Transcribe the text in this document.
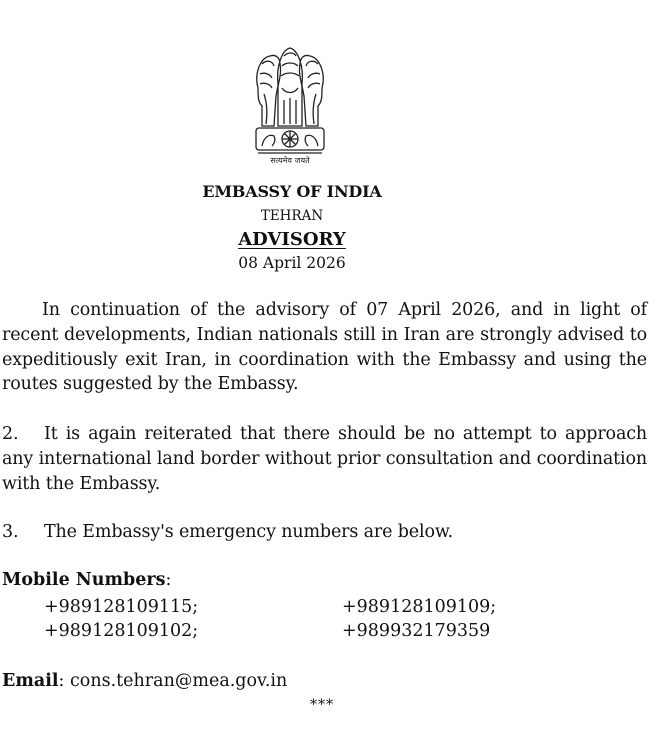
सत्यमेव जयते
EMBASSY OF INDIA
TEHRAN
ADVISORY
08 April 2026
In continuation of the advisory of 07 April 2026, and in light of recent developments, Indian nationals still in Iran are strongly advised to expeditiously exit Iran, in coordination with the Embassy and using the routes suggested by the Embassy.
2. It is again reiterated that there should be no attempt to approach any international land border without prior consultation and coordination with the Embassy.
3. The Embassy's emergency numbers are below.
Mobile Numbers:
+989128109115;	+989128109109;
+989128109102;	+989932179359
Email: cons.tehran@mea.gov.in
***
